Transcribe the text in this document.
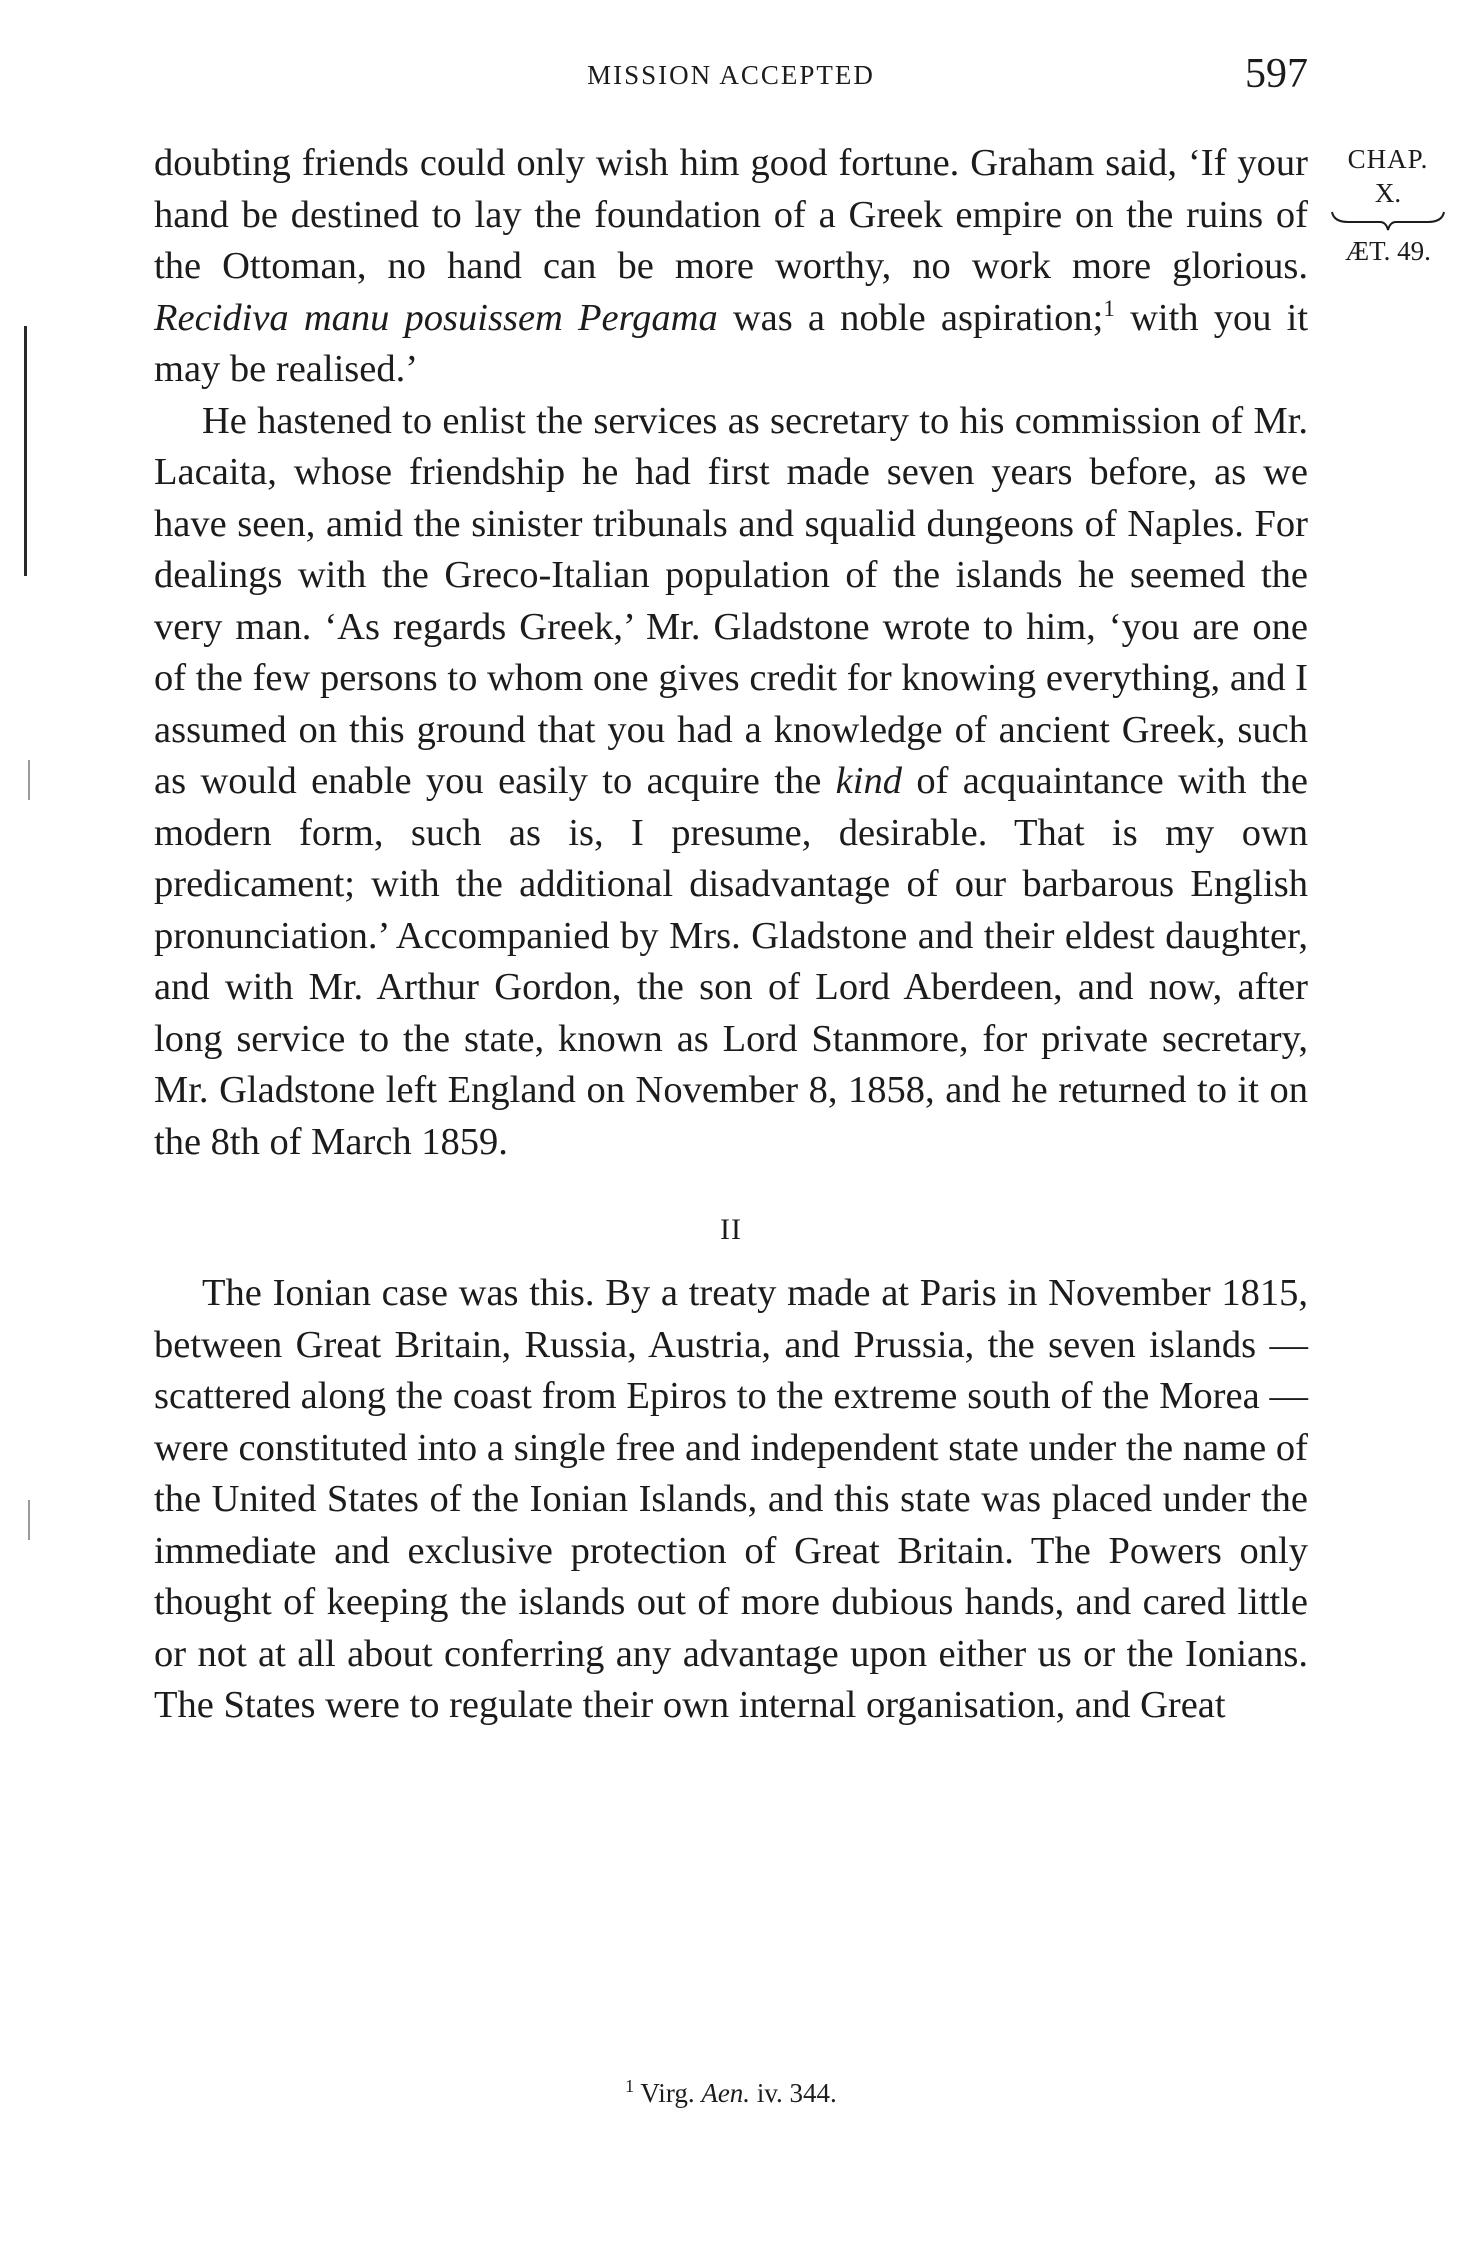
MISSION ACCEPTED	597
CHAP.
X.
ÆT. 49.

doubting friends could only wish him good fortune. Graham said, ‘If your hand be destined to lay the foundation of a Greek empire on the ruins of the Ottoman, no hand can be more worthy, no work more glorious. Recidiva manu posuissem Pergama was a noble aspiration;$^1$ with you it may be realised.’

He hastened to enlist the services as secretary to his commission of Mr. Lacaita, whose friendship he had first made seven years before, as we have seen, amid the sinister tribunals and squalid dungeons of Naples. For dealings with the Greco-Italian population of the islands he seemed the very man. ‘As regards Greek,’ Mr. Gladstone wrote to him, ‘you are one of the few persons to whom one gives credit for knowing everything, and I assumed on this ground that you had a knowledge of ancient Greek, such as would enable you easily to acquire the kind of acquaintance with the modern form, such as is, I presume, desirable. That is my own predicament; with the additional disadvantage of our barbarous English pronunciation.’ Accompanied by Mrs. Gladstone and their eldest daughter, and with Mr. Arthur Gordon, the son of Lord Aberdeen, and now, after long service to the state, known as Lord Stanmore, for private secretary, Mr. Gladstone left England on November 8, 1858, and he returned to it on the 8th of March 1859.

II

The Ionian case was this. By a treaty made at Paris in November 1815, between Great Britain, Russia, Austria, and Prussia, the seven islands — scattered along the coast from Epiros to the extreme south of the Morea — were constituted into a single free and independent state under the name of the United States of the Ionian Islands, and this state was placed under the immediate and exclusive protection of Great Britain. The Powers only thought of keeping the islands out of more dubious hands, and cared little or not at all about conferring any advantage upon either us or the Ionians. The States were to regulate their own internal organisation, and Great

$^1$ Virg. Aen. iv. 344.
